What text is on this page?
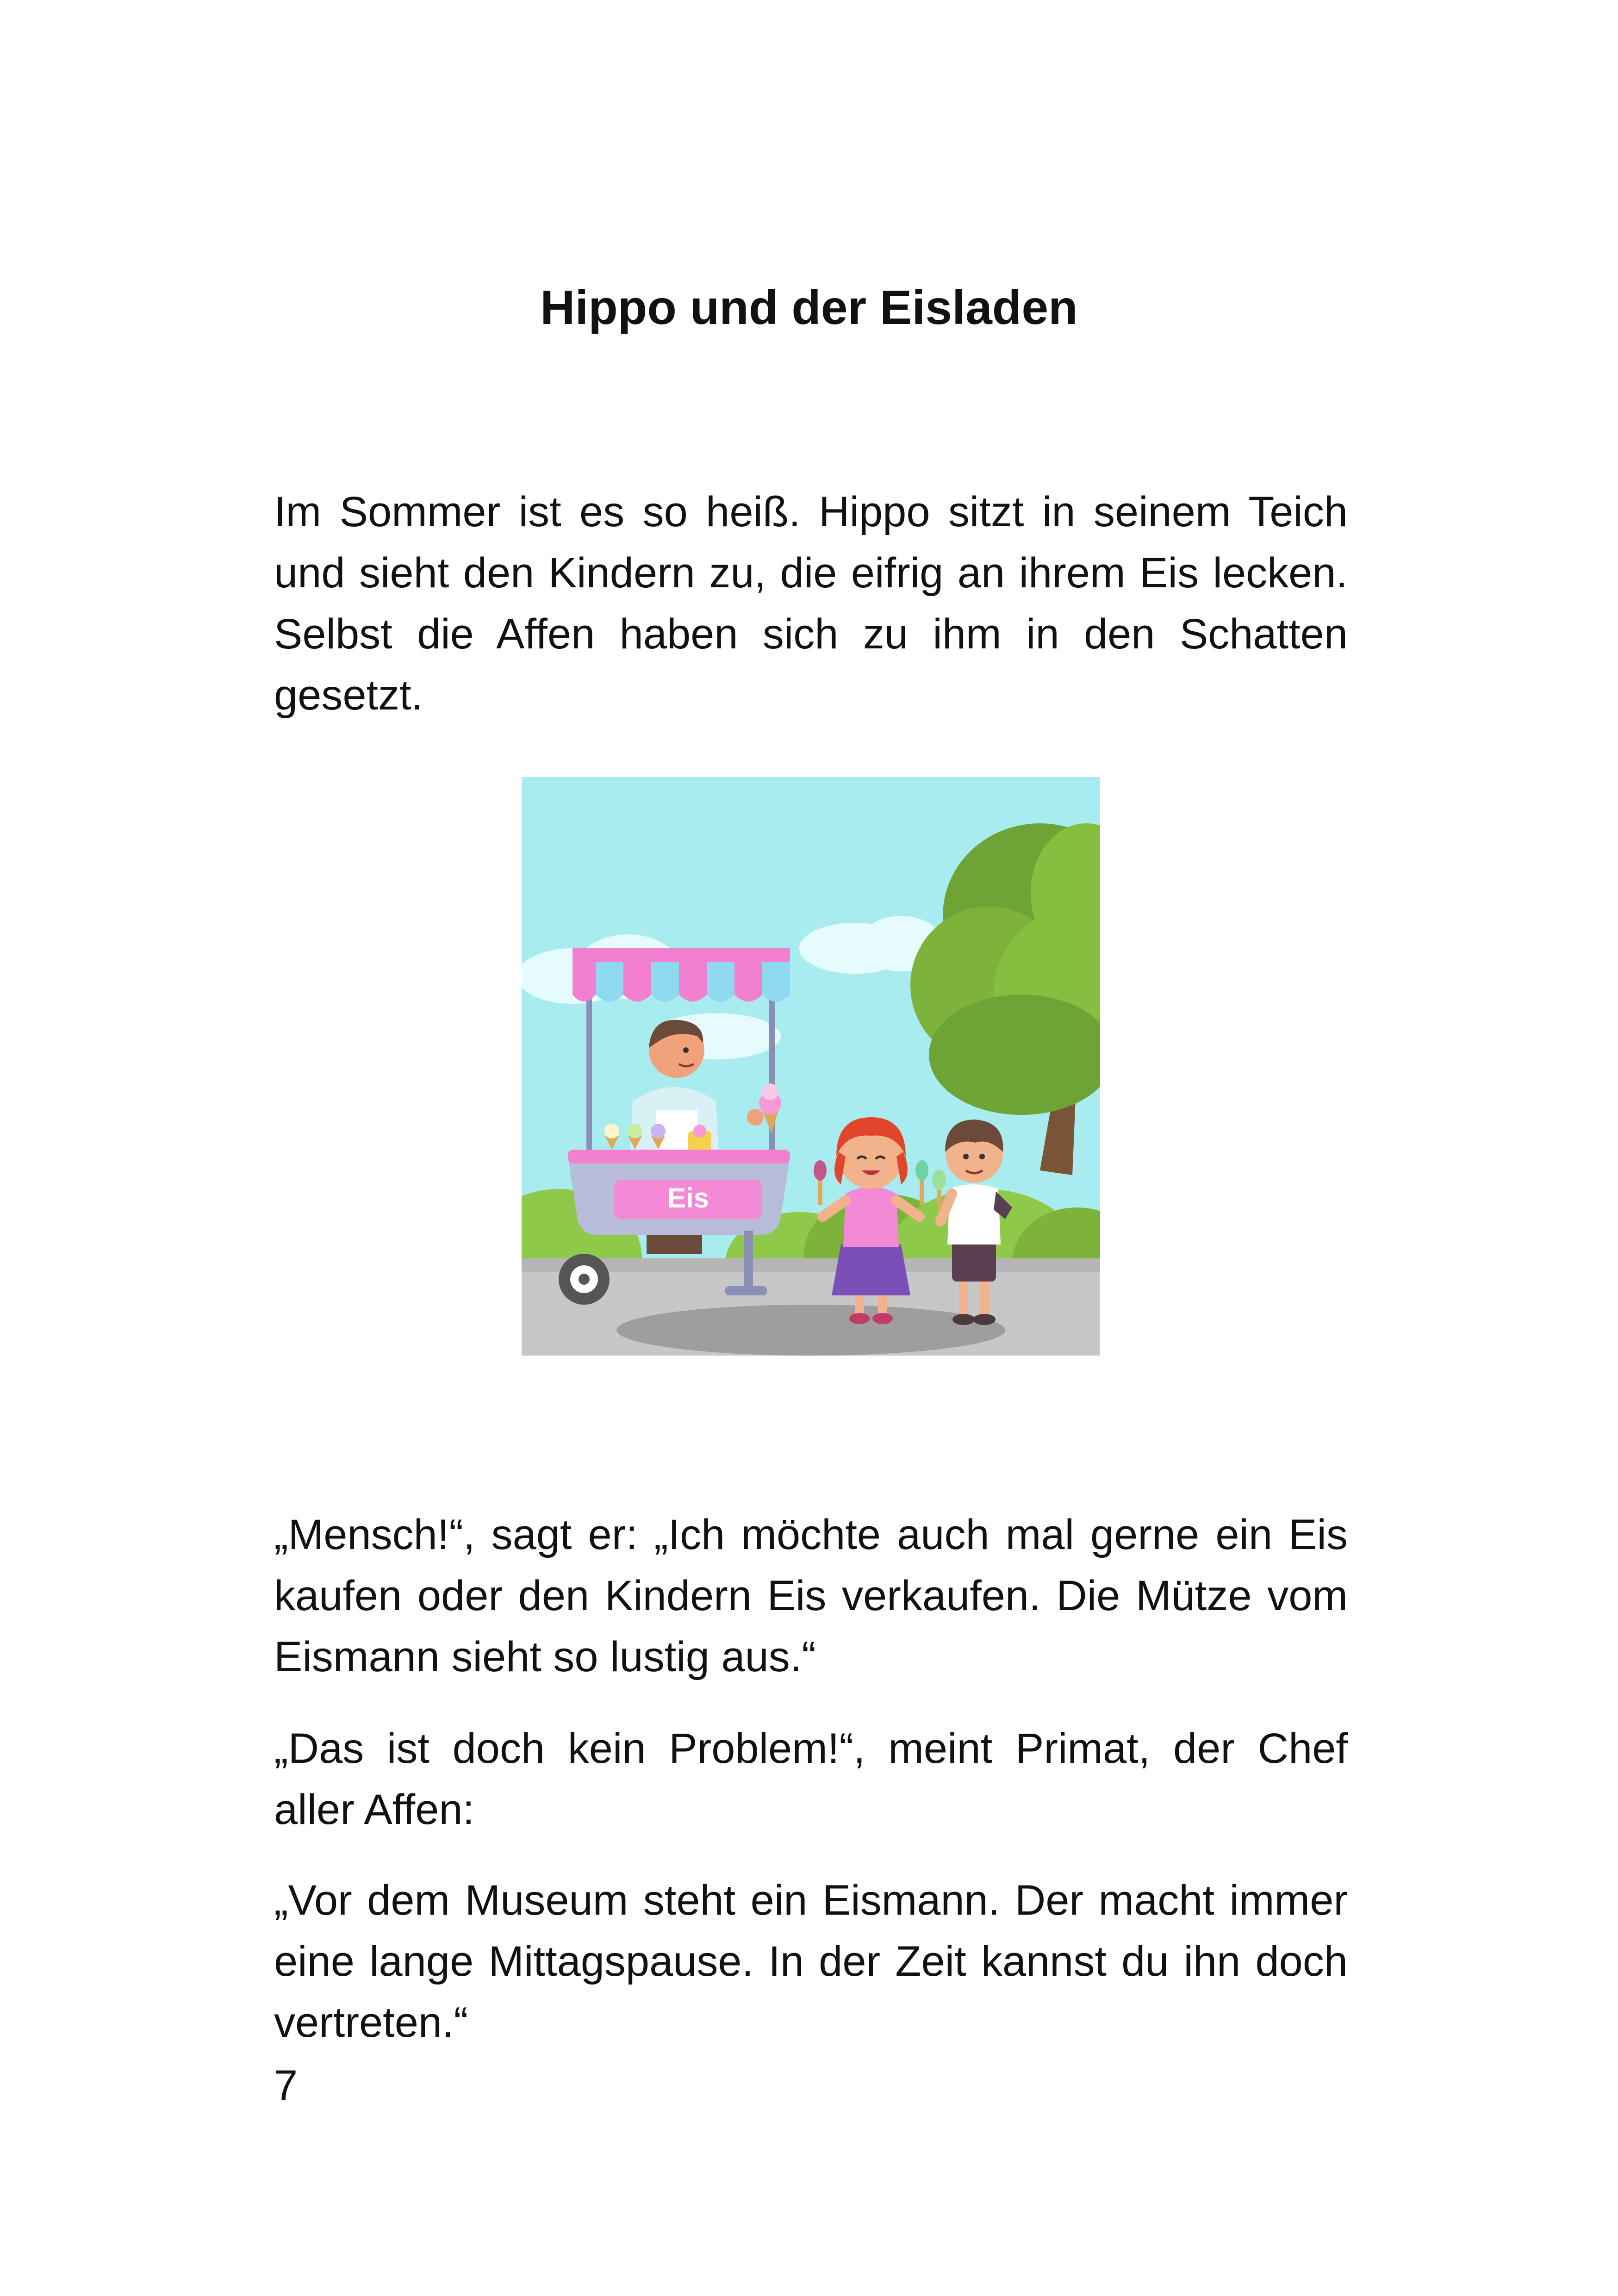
Hippo und der Eisladen

Im Sommer ist es so heiß. Hippo sitzt in seinem Teich und sieht den Kindern zu, die eifrig an ihrem Eis lecken. Selbst die Affen haben sich zu ihm in den Schatten gesetzt.

Eis

„Mensch!“, sagt er: „Ich möchte auch mal gerne ein Eis kaufen oder den Kindern Eis verkaufen. Die Mütze vom Eismann sieht so lustig aus.“

„Das ist doch kein Problem!“, meint Primat, der Chef aller Affen:

„Vor dem Museum steht ein Eismann. Der macht immer eine lange Mittagspause. In der Zeit kannst du ihn doch vertreten.“

7
